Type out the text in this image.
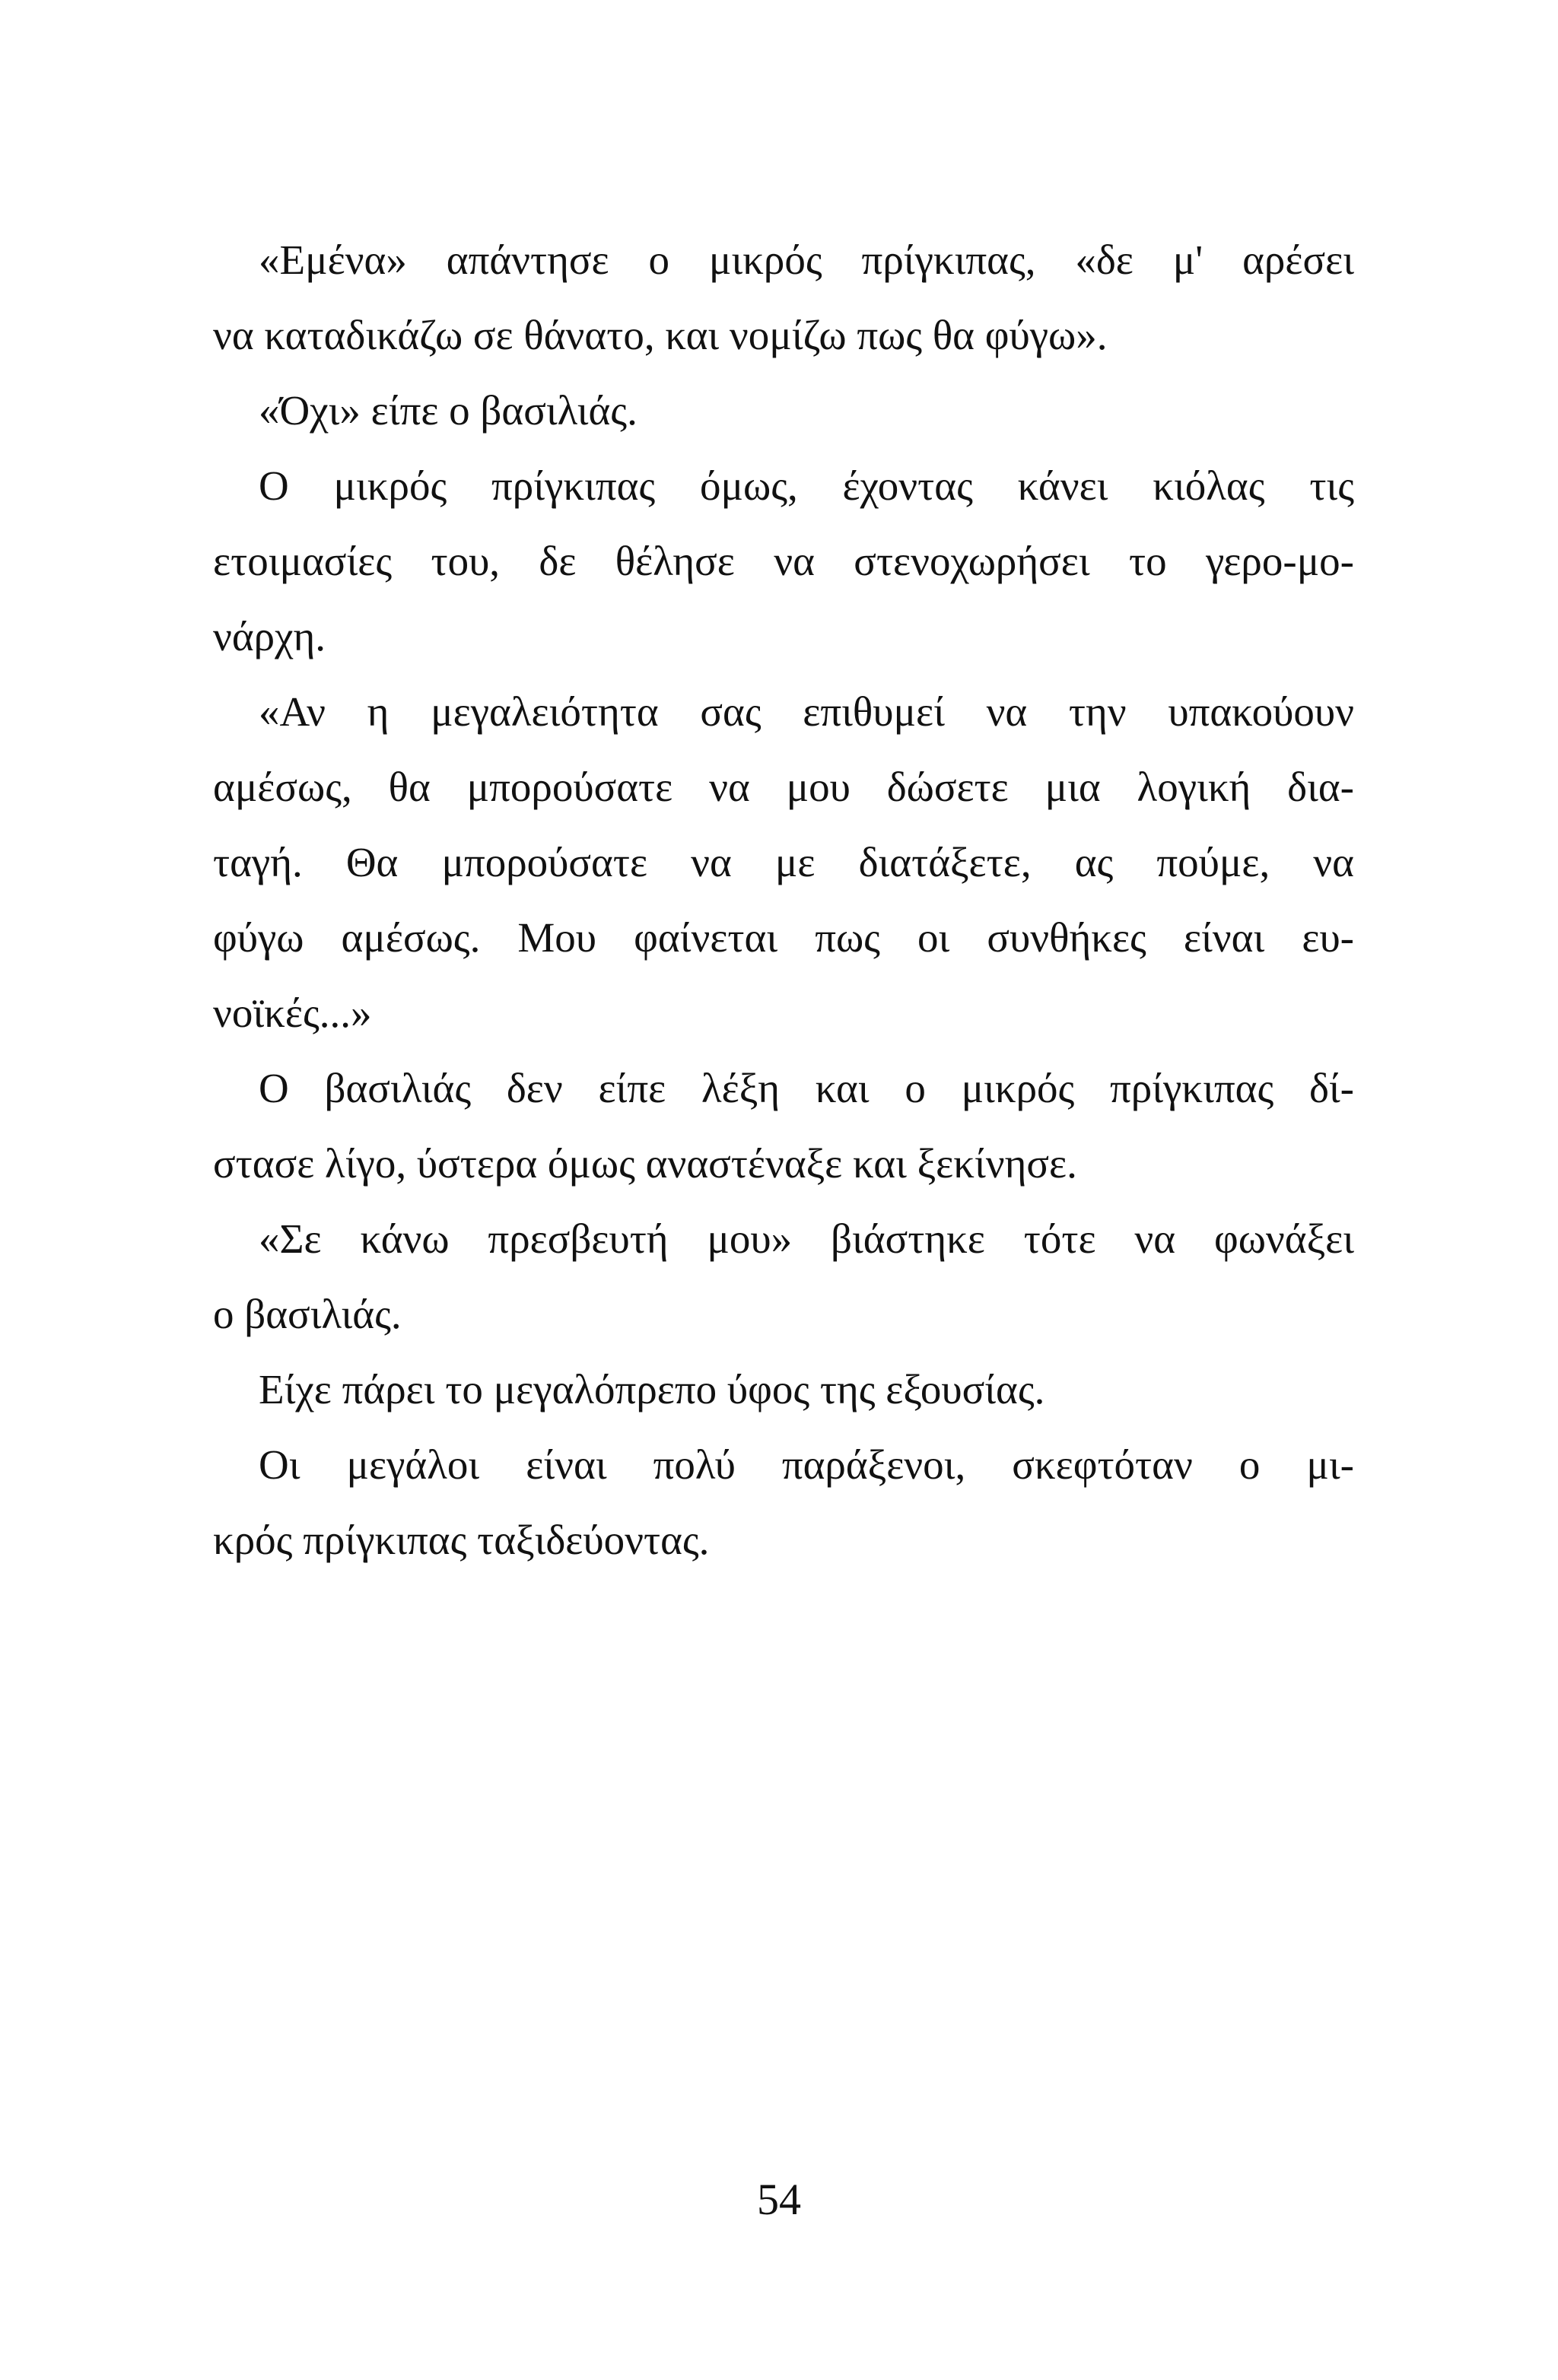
«Εμένα» απάντησε ο μικρός πρίγκιπας, «δε μ' αρέσει
να καταδικάζω σε θάνατο, και νομίζω πως θα φύγω».
«Όχι» είπε ο βασιλιάς.
Ο μικρός πρίγκιπας όμως, έχοντας κάνει κιόλας τις
ετοιμασίες του, δε θέλησε να στενοχωρήσει το γερο-μο-
νάρχη.
«Αν η μεγαλειότητα σας επιθυμεί να την υπακούουν
αμέσως, θα μπορούσατε να μου δώσετε μια λογική δια-
ταγή. Θα μπορούσατε να με διατάξετε, ας πούμε, να
φύγω αμέσως. Μου φαίνεται πως οι συνθήκες είναι ευ-
νοϊκές...»
Ο βασιλιάς δεν είπε λέξη και ο μικρός πρίγκιπας δί-
στασε λίγο, ύστερα όμως αναστέναξε και ξεκίνησε.
«Σε κάνω πρεσβευτή μου» βιάστηκε τότε να φωνάξει
ο βασιλιάς.
Είχε πάρει το μεγαλόπρεπο ύφος της εξουσίας.
Οι μεγάλοι είναι πολύ παράξενοι, σκεφτόταν ο μι-
κρός πρίγκιπας ταξιδεύοντας.
54
